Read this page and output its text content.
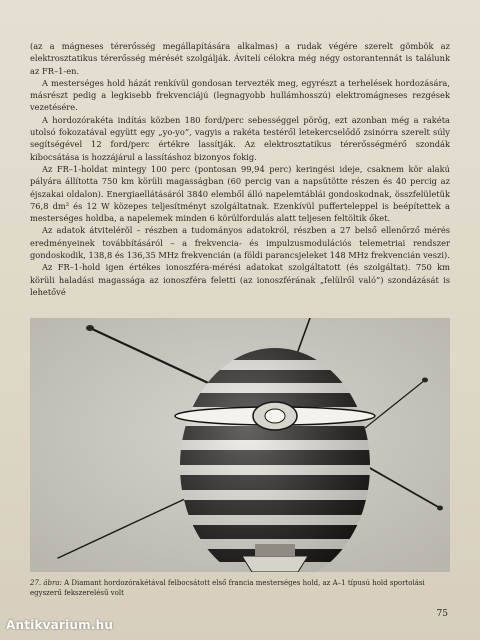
(az a mágneses térerősség megállapítására alkalmas) a rudak végére szerelt gömbök az elektrosztatikus térerősség mérését szolgálják. Ávitelí célokra még négy ostorantennát is találunk az FR–1-en.

A mesterséges hold házát renkívül gondosan tervezték meg, egyrészt a terhelések hordozására, másrészt pedig a legkisebb frekvenciájú (legnagyobb hullámhosszú) elektromágneses rezgések vezetésére.

A hordozórakéta indítás közben 180 ford/perc sebességgel pörög, ezt azonban még a rakéta utolsó fokozatával együtt egy „yo-yo”, vagyis a rakéta testéről letekercselődő zsinórra szerelt súly segítségével 12 ford/perc értékre lassítják. Az elektrosztatikus térerősségmérő szondák kibocsátása is hozzájárul a lassításhoz bizonyos fokig.

Az FR–1-holdat mintegy 100 perc (pontosan 99,94 perc) keringési ideje, csaknem kör alakú pályára állította 750 km körüli magasságban (60 percig van a napsütötte részen és 40 percig az éjszakai oldalon). Energiaellátásáról 3840 elemből álló napelemtáblái gondoskodnak, összfelületük 76,8 dm² és 12 W közepes teljesítményt szolgáltatnak. Ezenkívül pufferteleppel is beépítettek a mesterséges holdba, a napelemek minden 6 körülfordulás alatt teljesen feltöltik őket.

Az adatok átvitelérõl – részben a tudományos adatokról, részben a 27 belső ellenőrző mérés eredményeinek továbbításáról – a frekvencia- és impulzusmodulációs telemetriai rendszer gondoskodik, 138,8 és 136,35 MHz frekvencián (a földi parancsjeleket 148 MHz frekvencián veszi).

Az FR–1-hold igen értékes ionoszféra-mérési adatokat szolgáltatott (és szolgáltat). 750 km körüli haladási magassága az ionoszféra feletti (az ionoszférának „felülről való”) szondázását is lehetővé

27. ábra: A Diamant hordozórakétával felbocsátott első francia mesterséges hold, az A–1 típusú hold sportolási egyszerű fekszerelésű volt
75
Antikvarium.hu
